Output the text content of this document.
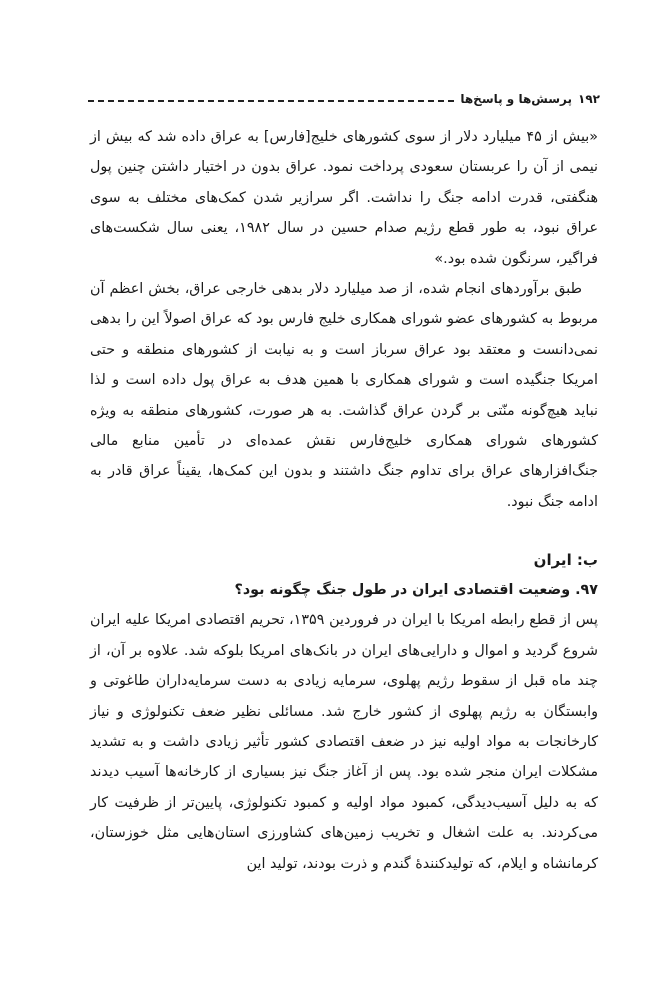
۱۹۲
پرسش‌ها و پاسخ‌ها

«بیش از ۴۵ میلیارد دلار از سوی کشورهای خلیج[فارس] به عراق داده شد که بیش از نیمی از آن را عربستان سعودی پرداخت نمود. عراق بدون در اختیار داشتن چنین پول هنگفتی، قدرت ادامه جنگ را نداشت. اگر سرازیر شدن کمک‌های مختلف به سوی عراق نبود، به طور قطع رژیم صدام حسین در سال ۱۹۸۲، یعنی سال شکست‌های فراگیر، سرنگون شده بود.»

طبق برآوردهای انجام شده، از صد میلیارد دلار بدهی خارجی عراق، بخش اعظم آن مربوط به کشورهای عضو شورای همکاری خلیج فارس بود که عراق اصولاً این را بدهی نمی‌دانست و معتقد بود عراق سرباز است و به نیابت از کشورهای منطقه و حتی امریکا جنگیده است و شورای همکاری با همین هدف به عراق پول داده است و لذا نباید هیچ‌گونه منّتی بر گردن عراق گذاشت. به هر صورت، کشورهای منطقه به ویژه کشورهای شورای همکاری خلیج‌فارس نقش عمده‌ای در تأمین منابع مالی جنگ‌افزارهای عراق برای تداوم جنگ داشتند و بدون این کمک‌ها، یقیناً عراق قادر به ادامه جنگ نبود.

ب: ایران

۹۷. وضعیت اقتصادی ایران در طول جنگ چگونه بود؟

پس از قطع رابطه امریکا با ایران در فروردین ۱۳۵۹، تحریم اقتصادی امریکا علیه ایران شروع گردید و اموال و دارایی‌های ایران در بانک‌های امریکا بلوکه شد. علاوه بر آن، از چند ماه قبل از سقوط رژیم پهلوی، سرمایه زیادی به دست سرمایه‌داران طاغوتی و وابستگان به رژیم پهلوی از کشور خارج شد. مسائلی نظیر ضعف تکنولوژی و نیاز کارخانجات به مواد اولیه نیز در ضعف اقتصادی کشور تأثیر زیادی داشت و به تشدید مشکلات ایران منجر شده بود. پس از آغاز جنگ نیز بسیاری از کارخانه‌ها آسیب دیدند که به دلیل آسیب‌دیدگی، کمبود مواد اولیه و کمبود تکنولوژی، پایین‌تر از ظرفیت کار می‌کردند. به علت اشغال و تخریب زمین‌های کشاورزی استان‌هایی مثل خوزستان، کرمانشاه و ایلام، که تولیدکنندهٔ گندم و ذرت بودند، تولید این
